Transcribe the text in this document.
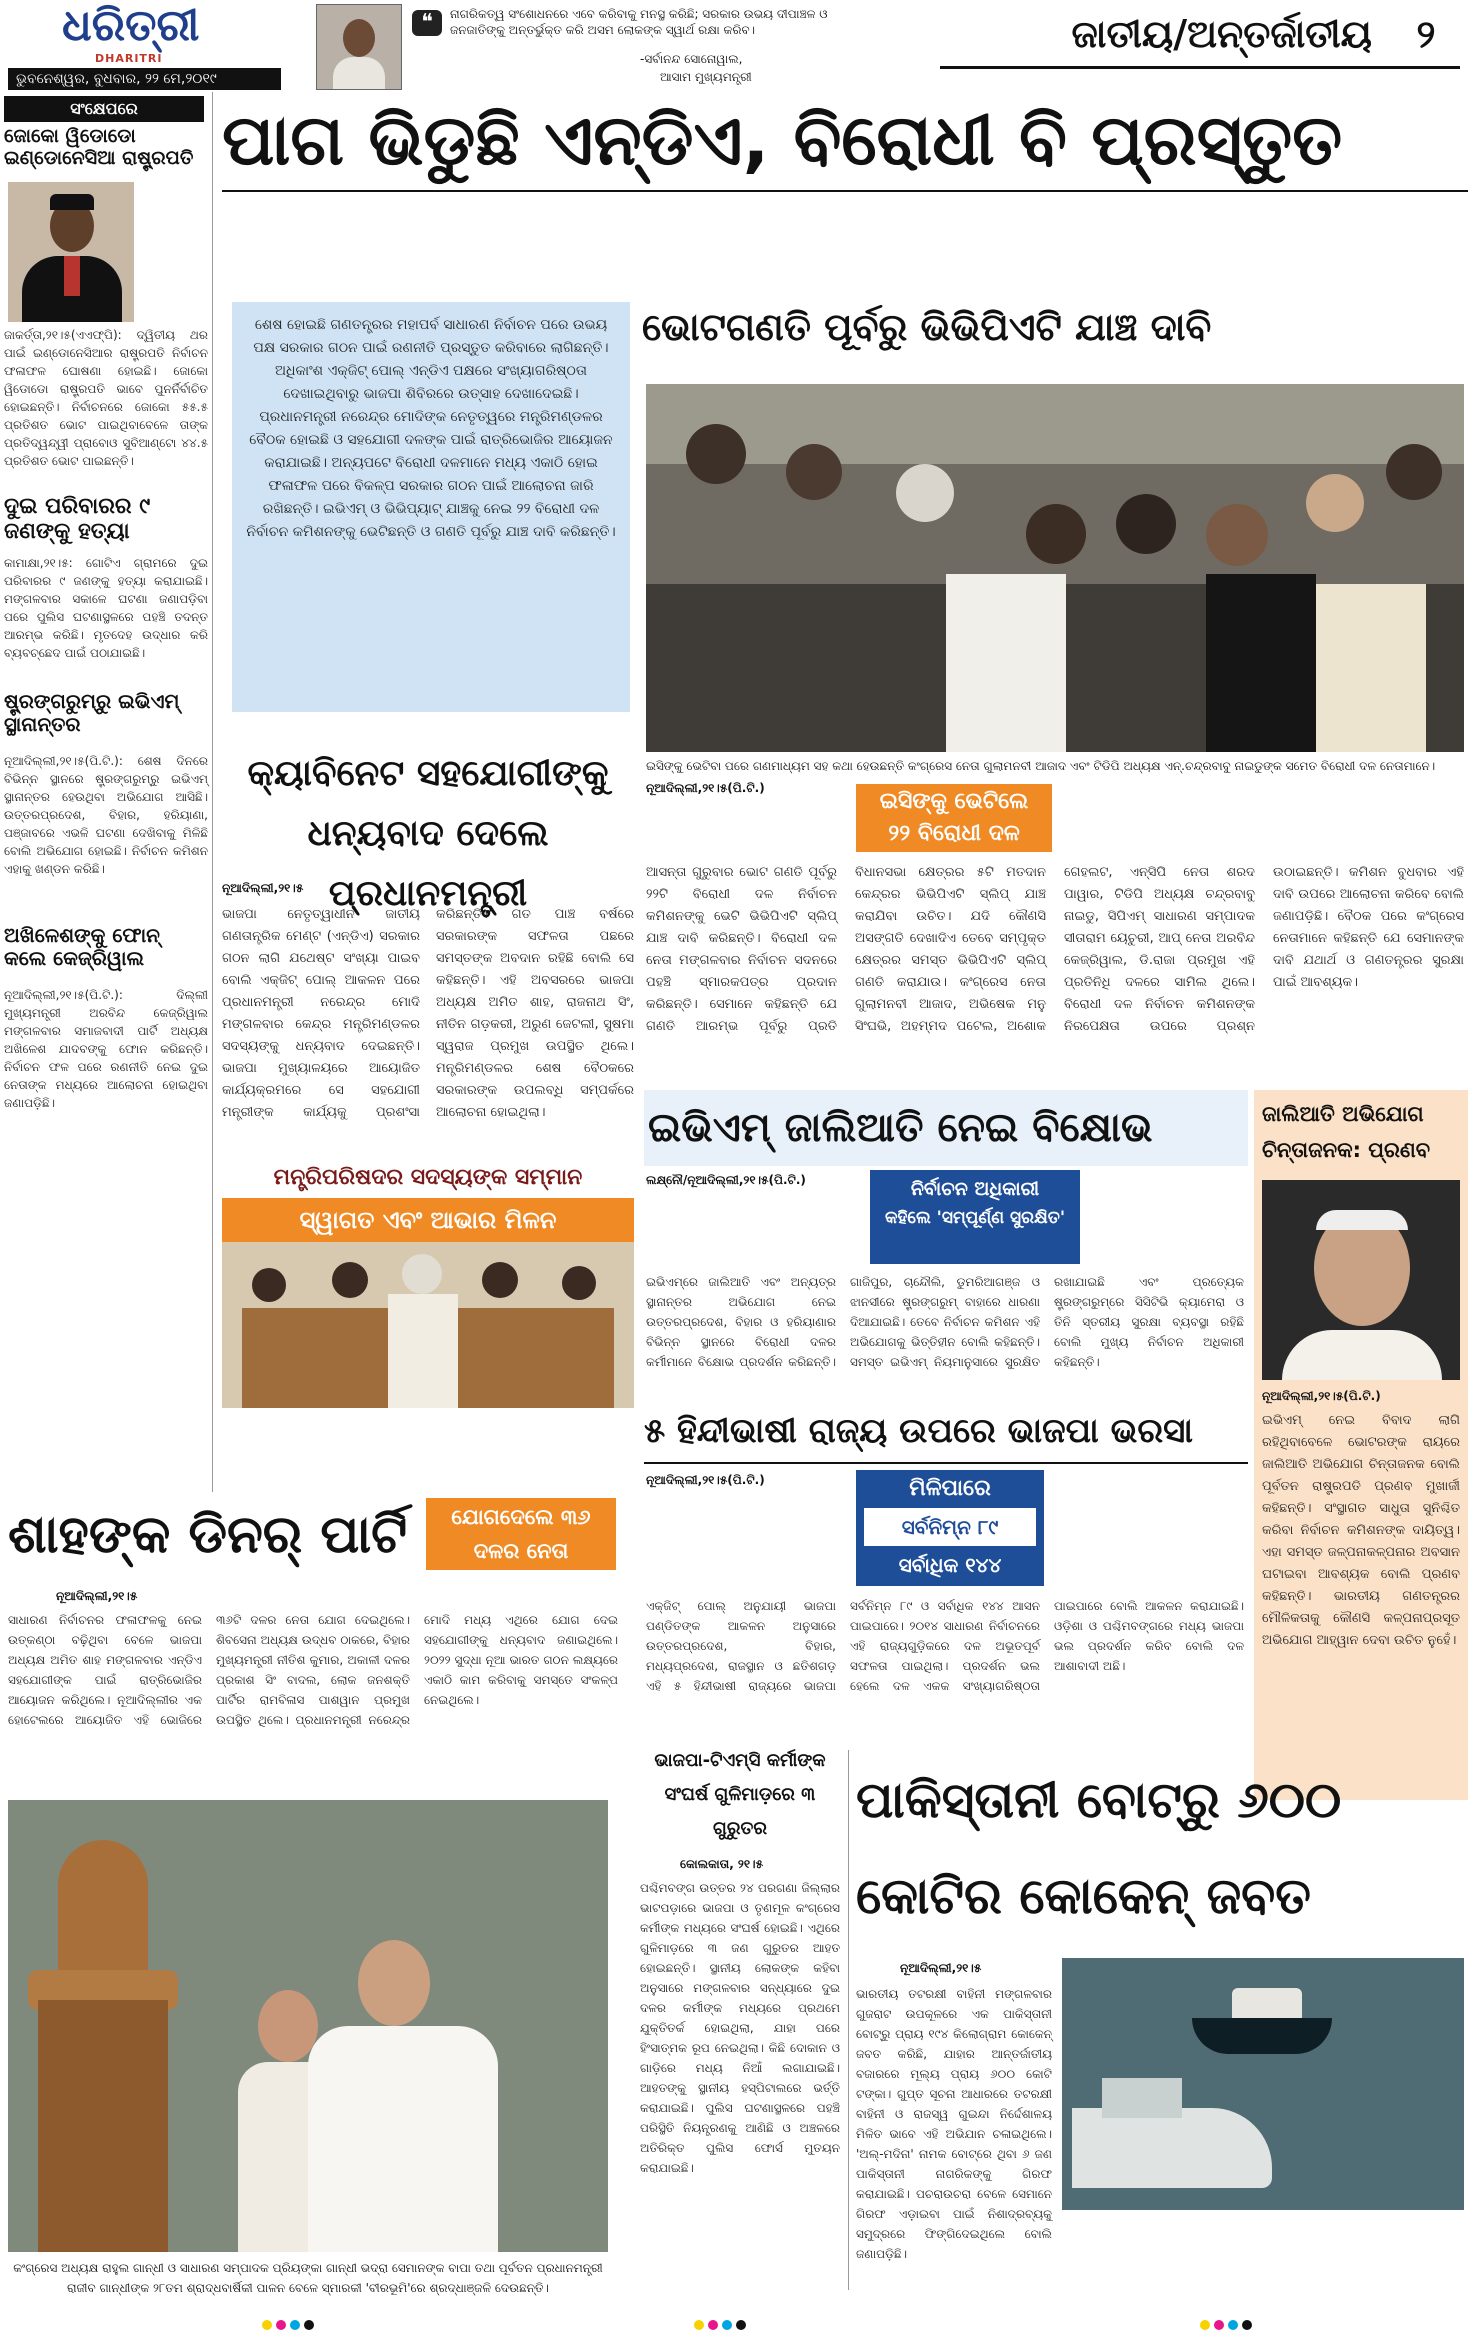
ଧରିତ୍ରୀ
DHARITRI
ଭୁବନେଶ୍ୱର, ବୁଧବାର, ୨୨ ମେ,୨୦୧୯
❝	ନାଗରିକତ୍ୱ ସଂଶୋଧନରେ ଏବେ କରିବାକୁ ମନସ୍ଥ କରିଛି; ସରକାର ଉଭୟ ଦୀପାଞ୍ଚଳ ଓ ଜନଜାତିଙ୍କୁ ଅନ୍ତର୍ଭୁକ୍ତ କରି ଅସମ ଲୋକଙ୍କ ସ୍ୱାର୍ଥ ରକ୍ଷା କରିବ।
-ସର୍ବାନନ୍ଦ ସୋନୋୱାଲ,
ଆସାମ ମୁଖ୍ୟମନ୍ତ୍ରୀ
ଜାତୀୟ/ଅନ୍ତର୍ଜାତୀୟ	୨
ସଂକ୍ଷେପରେ
ଜୋକୋ ୱିଡୋଡୋ ଇଣ୍ଡୋନେସିଆ ରାଷ୍ଟ୍ରପତି
ଜାକର୍ତ୍ତା,୨୧।୫(ଏଏଫ୍ପି): ଦ୍ୱିତୀୟ ଥର ପାଇଁ ଇଣ୍ଡୋନେସିଆର ରାଷ୍ଟ୍ରପତି ନିର୍ବାଚନ ଫଳାଫଳ ଘୋଷଣା ହୋଇଛି। ଜୋକୋ ୱିଡୋଡୋ ରାଷ୍ଟ୍ରପତି ଭାବେ ପୁନର୍ନିର୍ବାଚିତ ହୋଇଛନ୍ତି। ନିର୍ବାଚନରେ ଜୋକୋ ୫୫.୫ ପ୍ରତିଶତ ଭୋଟ ପାଇଥିବାବେଳେ ତାଙ୍କ ପ୍ରତିଦ୍ୱନ୍ଦ୍ୱୀ ପ୍ରାବୋଓ ସୁବିଆଣ୍ଟୋ ୪୪.୫ ପ୍ରତିଶତ ଭୋଟ ପାଇଛନ୍ତି।
ଦୁଇ ପରିବାରର ୯ ଜଣଙ୍କୁ ହତ୍ୟା
କାମାକ୍ଷା,୨୧।୫: ଗୋଟିଏ ଗ୍ରାମରେ ଦୁଇ ପରିବାରର ୯ ଜଣଙ୍କୁ ହତ୍ୟା କରାଯାଇଛି। ମଙ୍ଗଳବାର ସକାଳେ ଘଟଣା ଜଣାପଡ଼ିବା ପରେ ପୁଲିସ ଘଟଣାସ୍ଥଳରେ ପହଞ୍ଚି ତଦନ୍ତ ଆରମ୍ଭ କରିଛି। ମୃତଦେହ ଉଦ୍ଧାର କରି ବ୍ୟବଚ୍ଛେଦ ପାଇଁ ପଠାଯାଇଛି।
ଷ୍ଟ୍ରଙ୍ଗରୁମ୍‌ରୁ ଇଭିଏମ୍‌ ସ୍ଥାନାନ୍ତର
ନୂଆଦିଲ୍ଲୀ,୨୧।୫(ପି.ଟି.): ଶେଷ ଦିନରେ ବିଭିନ୍ନ ସ୍ଥାନରେ ଷ୍ଟ୍ରଙ୍ଗରୁମ୍‌ରୁ ଇଭିଏମ୍‌ ସ୍ଥାନାନ୍ତର ହେଉଥିବା ଅଭିଯୋଗ ଆସିଛି। ଉତ୍ତରପ୍ରଦେଶ, ବିହାର, ହରିୟାଣା, ପଞ୍ଜାବରେ ଏଭଳି ଘଟଣା ଦେଖିବାକୁ ମିଳିଛି ବୋଲି ଅଭିଯୋଗ ହୋଇଛି। ନିର୍ବାଚନ କମିଶନ ଏହାକୁ ଖଣ୍ଡନ କରିଛି।
ଅଖିଳେଶଙ୍କୁ ଫୋନ୍‌ କଲେ କେଜ୍ରିୱାଲ
ନୂଆଦିଲ୍ଲୀ,୨୧।୫(ପି.ଟି.): ଦିଲ୍ଲୀ ମୁଖ୍ୟମନ୍ତ୍ରୀ ଅରବିନ୍ଦ କେଜ୍ରିୱାଲ ମଙ୍ଗଳବାର ସମାଜବାଦୀ ପାର୍ଟି ଅଧ୍ୟକ୍ଷ ଅଖିଳେଶ ଯାଦବଙ୍କୁ ଫୋନ କରିଛନ୍ତି। ନିର୍ବାଚନ ଫଳ ପରେ ରଣନୀତି ନେଇ ଦୁଇ ନେତାଙ୍କ ମଧ୍ୟରେ ଆଲୋଚନା ହୋଇଥିବା ଜଣାପଡ଼ିଛି।
ପାଗ ଭିଡୁଛି ଏନ୍‌ଡିଏ, ବିରୋଧୀ ବି ପ୍ରସ୍ତୁତ
ଶେଷ ହୋଇଛି ଗଣତନ୍ତ୍ରର ମହାପର୍ବ ସାଧାରଣ ନିର୍ବାଚନ ପରେ ଉଭୟ ପକ୍ଷ ସରକାର ଗଠନ ପାଇଁ ରଣନୀତି ପ୍ରସ୍ତୁତ କରିବାରେ ଲାଗିଛନ୍ତି। ଅଧିକାଂଶ ଏକ୍‌ଜିଟ୍‌ ପୋଲ୍‌ ଏନ୍‌ଡିଏ ପକ୍ଷରେ ସଂଖ୍ୟାଗରିଷ୍ଠତା ଦେଖାଇଥିବାରୁ ଭାଜପା ଶିବିରରେ ଉତ୍ସାହ ଦେଖାଦେଇଛି। ପ୍ରଧାନମନ୍ତ୍ରୀ ନରେନ୍ଦ୍ର ମୋଦିଙ୍କ ନେତୃତ୍ୱରେ ମନ୍ତ୍ରିମଣ୍ଡଳର ବୈଠକ ହୋଇଛି ଓ ସହଯୋଗୀ ଦଳଙ୍କ ପାଇଁ ରାତ୍ରିଭୋଜିର ଆୟୋଜନ କରାଯାଇଛି। ଅନ୍ୟପଟେ ବିରୋଧୀ ଦଳମାନେ ମଧ୍ୟ ଏକାଠି ହୋଇ ଫଳାଫଳ ପରେ ବିକଳ୍ପ ସରକାର ଗଠନ ପାଇଁ ଆଲୋଚନା ଜାରି ରଖିଛନ୍ତି। ଇଭିଏମ୍‌ ଓ ଭିଭିପ୍ୟାଟ୍‌ ଯାଞ୍ଚକୁ ନେଇ ୨୨ ବିରୋଧୀ ଦଳ ନିର୍ବାଚନ କମିଶନଙ୍କୁ ଭେଟିଛନ୍ତି ଓ ଗଣତି ପୂର୍ବରୁ ଯାଞ୍ଚ ଦାବି କରିଛନ୍ତି।
ଭୋଟଗଣତି ପୂର୍ବରୁ ଭିଭିପିଏଟି ଯାଞ୍ଚ ଦାବି
ଇସିଙ୍କୁ ଭେଟିବା ପରେ ଗଣମାଧ୍ୟମ ସହ କଥା ହେଉଛନ୍ତି କଂଗ୍ରେସ ନେତା ଗୁଲାମନବୀ ଆଜାଦ ଏବଂ ଟିଡିପି ଅଧ୍ୟକ୍ଷ ଏନ୍‌.ଚନ୍ଦ୍ରବାବୁ ନାଇଡୁଙ୍କ ସମେତ ବିରୋଧୀ ଦଳ ନେତାମାନେ।
ନୂଆଦିଲ୍ଲୀ,୨୧।୫(ପି.ଟି.)
ଇସିଙ୍କୁ ଭେଟିଲେ
୨୨ ବିରୋଧୀ ଦଳ
ଆସନ୍ତା ଗୁରୁବାର ଭୋଟ ଗଣତି ପୂର୍ବରୁ ୨୨ଟି ବିରୋଧୀ ଦଳ ନିର୍ବାଚନ କମିଶନଙ୍କୁ ଭେଟି ଭିଭିପିଏଟି ସ୍ଲିପ୍‌ ଯାଞ୍ଚ ଦାବି କରିଛନ୍ତି। ବିରୋଧୀ ଦଳ ନେତା ମଙ୍ଗଳବାର ନିର୍ବାଚନ ସଦନରେ ପହଞ୍ଚି ସ୍ମାରକପତ୍ର ପ୍ରଦାନ କରିଛନ୍ତି। ସେମାନେ କହିଛନ୍ତି ଯେ ଗଣତି ଆରମ୍ଭ ପୂର୍ବରୁ ପ୍ରତି ବିଧାନସଭା କ୍ଷେତ୍ରର ୫ଟି ମତଦାନ କେନ୍ଦ୍ରର ଭିଭିପିଏଟି ସ୍ଲିପ୍‌ ଯାଞ୍ଚ କରାଯିବା ଉଚିତ। ଯଦି କୌଣସି ଅସଙ୍ଗତି ଦେଖାଦିଏ ତେବେ ସମ୍ପୃକ୍ତ କ୍ଷେତ୍ରର ସମସ୍ତ ଭିଭିପିଏଟି ସ୍ଲିପ୍‌ ଗଣତି କରାଯାଉ। କଂଗ୍ରେସ ନେତା ଗୁଲାମନବୀ ଆଜାଦ, ଅଭିଷେକ ମନୁ ସିଂଘଭି, ଅହମ୍ମଦ ପଟେଲ, ଅଶୋକ ଗେହଲଟ, ଏନ୍‌ସିପି ନେତା ଶରଦ ପାୱାର, ଟିଡିପି ଅଧ୍ୟକ୍ଷ ଚନ୍ଦ୍ରବାବୁ ନାଇଡୁ, ସିପିଏମ୍‌ ସାଧାରଣ ସମ୍ପାଦକ ସୀତାରାମ ୟେଚୁରୀ, ଆପ୍‌ ନେତା ଅରବିନ୍ଦ କେଜ୍ରିୱାଲ, ଡି.ରାଜା ପ୍ରମୁଖ ଏହି ପ୍ରତିନିଧି ଦଳରେ ସାମିଲ ଥିଲେ। ବିରୋଧୀ ଦଳ ନିର୍ବାଚନ କମିଶନଙ୍କ ନିରପେକ୍ଷତା ଉପରେ ପ୍ରଶ୍ନ ଉଠାଇଛନ୍ତି। କମିଶନ ବୁଧବାର ଏହି ଦାବି ଉପରେ ଆଲୋଚନା କରିବେ ବୋଲି ଜଣାପଡ଼ିଛି। ବୈଠକ ପରେ କଂଗ୍ରେସ ନେତାମାନେ କହିଛନ୍ତି ଯେ ସେମାନଙ୍କ ଦାବି ଯଥାର୍ଥ ଓ ଗଣତନ୍ତ୍ରର ସୁରକ୍ଷା ପାଇଁ ଆବଶ୍ୟକ।
କ୍ୟାବିନେଟ ସହଯୋଗୀଙ୍କୁ ଧନ୍ୟବାଦ ଦେଲେ ପ୍ରଧାନମନ୍ତ୍ରୀ
ନୂଆଦିଲ୍ଲୀ,୨୧।୫
ଭାଜପା ନେତୃତ୍ୱାଧୀନ ଜାତୀୟ ଗଣତାନ୍ତ୍ରିକ ମେଣ୍ଟ (ଏନ୍‌ଡିଏ) ସରକାର ଗଠନ ଲାଗି ଯଥେଷ୍ଟ ସଂଖ୍ୟା ପାଇବ ବୋଲି ଏକ୍‌ଜିଟ୍‌ ପୋଲ୍‌ ଆକଳନ ପରେ ପ୍ରଧାନମନ୍ତ୍ରୀ ନରେନ୍ଦ୍ର ମୋଦି ମଙ୍ଗଳବାର କେନ୍ଦ୍ର ମନ୍ତ୍ରିମଣ୍ଡଳର ସଦସ୍ୟଙ୍କୁ ଧନ୍ୟବାଦ ଦେଇଛନ୍ତି। ଭାଜପା ମୁଖ୍ୟାଳୟରେ ଆୟୋଜିତ କାର୍ଯ୍ୟକ୍ରମରେ ସେ ସହଯୋଗୀ ମନ୍ତ୍ରୀଙ୍କ କାର୍ଯ୍ୟକୁ ପ୍ରଶଂସା କରିଛନ୍ତି। ଗତ ପାଞ୍ଚ ବର୍ଷରେ ସରକାରଙ୍କ ସଫଳତା ପଛରେ ସମସ୍ତଙ୍କ ଅବଦାନ ରହିଛି ବୋଲି ସେ କହିଛନ୍ତି। ଏହି ଅବସରରେ ଭାଜପା ଅଧ୍ୟକ୍ଷ ଅମିତ ଶାହ, ରାଜନାଥ ସିଂ, ନୀତିନ ଗଡ଼କରୀ, ଅରୁଣ ଜେଟଲୀ, ସୁଷମା ସ୍ୱରାଜ ପ୍ରମୁଖ ଉପସ୍ଥିତ ଥିଲେ। ମନ୍ତ୍ରିମଣ୍ଡଳର ଶେଷ ବୈଠକରେ ସରକାରଙ୍କ ଉପଲବ୍ଧି ସମ୍ପର୍କରେ ଆଲୋଚନା ହୋଇଥିଲା।
ମନ୍ତ୍ରିପରିଷଦର ସଦସ୍ୟଙ୍କ ସମ୍ମାନ
ସ୍ୱାଗତ ଏବଂ ଆଭାର ମିଳନ
ଇଭିଏମ୍‌ ଜାଲିଆତି ନେଇ ବିକ୍ଷୋଭ
ଲକ୍ଷ୍ନୌ/ନୂଆଦିଲ୍ଲୀ,୨୧।୫(ପି.ଟି.)	ନିର୍ବାଚନ ଅଧିକାରୀ
କହିଲେ 'ସମ୍ପୂର୍ଣ୍ଣ ସୁରକ୍ଷିତ'
ଇଭିଏମ୍‌ରେ ଜାଲିଆତି ଏବଂ ଅନ୍ୟତ୍ର ସ୍ଥାନାନ୍ତର ଅଭିଯୋଗ ନେଇ ଉତ୍ତରପ୍ରଦେଶ, ବିହାର ଓ ହରିୟାଣାର ବିଭିନ୍ନ ସ୍ଥାନରେ ବିରୋଧୀ ଦଳର କର୍ମୀମାନେ ବିକ୍ଷୋଭ ପ୍ରଦର୍ଶନ କରିଛନ୍ତି। ଗାଜିପୁର, ଚାନ୍ଦୌଲି, ଡୁମରିଆଗଞ୍ଜ ଓ ଝାନସୀରେ ଷ୍ଟ୍ରଙ୍ଗରୁମ୍‌ ବାହାରେ ଧାରଣା ଦିଆଯାଇଛି। ତେବେ ନିର୍ବାଚନ କମିଶନ ଏହି ଅଭିଯୋଗକୁ ଭିତ୍ତିହୀନ ବୋଲି କହିଛନ୍ତି। ସମସ୍ତ ଇଭିଏମ୍‌ ନିୟମାନୁସାରେ ସୁରକ୍ଷିତ ରଖାଯାଇଛି ଏବଂ ପ୍ରତ୍ୟେକ ଷ୍ଟ୍ରଙ୍ଗରୁମ୍‌ରେ ସିସିଟିଭି କ୍ୟାମେରା ଓ ତିନି ସ୍ତରୀୟ ସୁରକ୍ଷା ବ୍ୟବସ୍ଥା ରହିଛି ବୋଲି ମୁଖ୍ୟ ନିର୍ବାଚନ ଅଧିକାରୀ କହିଛନ୍ତି।
ଜାଲିଆତି ଅଭିଯୋଗ ଚିନ୍ତାଜନକ: ପ୍ରଣବ
ନୂଆଦିଲ୍ଲୀ,୨୧।୫(ପି.ଟି.)
ଇଭିଏମ୍‌ ନେଇ ବିବାଦ ଲାଗି ରହିଥିବାବେଳେ ଭୋଟରଙ୍କ ରାୟରେ ଜାଲିଆତି ଅଭିଯୋଗ ଚିନ୍ତାଜନକ ବୋଲି ପୂର୍ବତନ ରାଷ୍ଟ୍ରପତି ପ୍ରଣବ ମୁଖାର୍ଜୀ କହିଛନ୍ତି। ସଂସ୍ଥାଗତ ସାଧୁତା ସୁନିଶ୍ଚିତ କରିବା ନିର୍ବାଚନ କମିଶନଙ୍କ ଦାୟିତ୍ୱ। ଏହା ସମସ୍ତ ଜଳ୍ପନାକଳ୍ପନାର ଅବସାନ ଘଟାଇବା ଆବଶ୍ୟକ ବୋଲି ପ୍ରଣବ କହିଛନ୍ତି। ଭାରତୀୟ ଗଣତନ୍ତ୍ରର ମୌଳିକତାକୁ କୌଣସି କଳ୍ପନାପ୍ରସୂତ ଅଭିଯୋଗ ଆହ୍ୱାନ ଦେବା ଉଚିତ ନୁହେଁ।
୫ ହିନ୍ଦୀଭାଷୀ ରାଜ୍ୟ ଉପରେ ଭାଜପା ଭରସା
ନୂଆଦିଲ୍ଲୀ,୨୧।୫(ପି.ଟି.)	ମିଳିପାରେ
ସର୍ବନିମ୍ନ ୮୯
ସର୍ବାଧିକ ୧୪୪
ଏକ୍‌ଜିଟ୍‌ ପୋଲ୍‌ ଅନୁଯାୟୀ ଭାଜପା ପଣ୍ଡିତଙ୍କ ଆକଳନ ଅନୁସାରେ ଉତ୍ତରପ୍ରଦେଶ, ବିହାର, ମଧ୍ୟପ୍ରଦେଶ, ରାଜସ୍ଥାନ ଓ ଛତିଶଗଡ଼ ଏହି ୫ ହିନ୍ଦୀଭାଷୀ ରାଜ୍ୟରେ ଭାଜପା ସର୍ବନିମ୍ନ ୮୯ ଓ ସର୍ବାଧିକ ୧୪୪ ଆସନ ପାଇପାରେ। ୨୦୧୪ ସାଧାରଣ ନିର୍ବାଚନରେ ଏହି ରାଜ୍ୟଗୁଡ଼ିକରେ ଦଳ ଅଭୂତପୂର୍ବ ସଫଳତା ପାଇଥିଲା। ପ୍ରଦର୍ଶନ ଭଲ ହେଲେ ଦଳ ଏକକ ସଂଖ୍ୟାଗରିଷ୍ଠତା ପାଇପାରେ ବୋଲି ଆକଳନ କରାଯାଇଛି। ଓଡ଼ିଶା ଓ ପଶ୍ଚିମବଙ୍ଗରେ ମଧ୍ୟ ଭାଜପା ଭଲ ପ୍ରଦର୍ଶନ କରିବ ବୋଲି ଦଳ ଆଶାବାଦୀ ଅଛି।
ଶାହଙ୍କ ଡିନର୍‌ ପାର୍ଟି	ଯୋଗଦେଲେ ୩୬
ଦଳର ନେତା
ନୂଆଦିଲ୍ଲୀ,୨୧।୫
ସାଧାରଣ ନିର୍ବାଚନର ଫଳାଫଳକୁ ନେଇ ଉତ୍କଣ୍ଠା ବଢ଼ିଥିବା ବେଳେ ଭାଜପା ଅଧ୍ୟକ୍ଷ ଅମିତ ଶାହ ମଙ୍ଗଳବାର ଏନ୍‌ଡିଏ ସହଯୋଗୀଙ୍କ ପାଇଁ ରାତ୍ରିଭୋଜିର ଆୟୋଜନ କରିଥିଲେ। ନୂଆଦିଲ୍ଲୀର ଏକ ହୋଟେଲରେ ଆୟୋଜିତ ଏହି ଭୋଜିରେ ୩୬ଟି ଦଳର ନେତା ଯୋଗ ଦେଇଥିଲେ। ଶିବସେନା ଅଧ୍ୟକ୍ଷ ଉଦ୍ଧବ ଠାକରେ, ବିହାର ମୁଖ୍ୟମନ୍ତ୍ରୀ ନୀତିଶ କୁମାର, ଅକାଳୀ ଦଳର ପ୍ରକାଶ ସିଂ ବାଦଲ, ଲୋକ ଜନଶକ୍ତି ପାର୍ଟିର ରାମବିଳାସ ପାଶୱାନ ପ୍ରମୁଖ ଉପସ୍ଥିତ ଥିଲେ। ପ୍ରଧାନମନ୍ତ୍ରୀ ନରେନ୍ଦ୍ର ମୋଦି ମଧ୍ୟ ଏଥିରେ ଯୋଗ ଦେଇ ସହଯୋଗୀଙ୍କୁ ଧନ୍ୟବାଦ ଜଣାଇଥିଲେ। ୨୦୨୨ ସୁଦ୍ଧା ନୂଆ ଭାରତ ଗଠନ ଲକ୍ଷ୍ୟରେ ଏକାଠି କାମ କରିବାକୁ ସମସ୍ତେ ସଂକଳ୍ପ ନେଇଥିଲେ।
କଂଗ୍ରେସ ଅଧ୍ୟକ୍ଷ ରାହୁଲ ଗାନ୍ଧୀ ଓ ସାଧାରଣ ସମ୍ପାଦକ ପ୍ରିୟଙ୍କା ଗାନ୍ଧୀ ଭଦ୍ରା ସେମାନଙ୍କ ବାପା ତଥା ପୂର୍ବତନ ପ୍ରଧାନମନ୍ତ୍ରୀ ରାଜୀବ ଗାନ୍ଧୀଙ୍କ ୨୮ତମ ଶ୍ରାଦ୍ଧବାର୍ଷିକୀ ପାଳନ ବେଳେ ସ୍ମାରକୀ 'ବୀରଭୂମି'ରେ ଶ୍ରଦ୍ଧାଞ୍ଜଳି ଦେଉଛନ୍ତି।
ଭାଜପା-ଟିଏମ୍‌ସି କର୍ମୀଙ୍କ ସଂଘର୍ଷ ଗୁଳିମାଡ଼ରେ ୩ ଗୁରୁତର
କୋଲକାତା, ୨୧।୫
ପଶ୍ଚିମବଙ୍ଗ ଉତ୍ତର ୨୪ ପରଗଣା ଜିଲ୍ଲାର ଭାଟପଡ଼ାରେ ଭାଜପା ଓ ତୃଣମୂଳ କଂଗ୍ରେସ କର୍ମୀଙ୍କ ମଧ୍ୟରେ ସଂଘର୍ଷ ହୋଇଛି। ଏଥିରେ ଗୁଳିମାଡ଼ରେ ୩ ଜଣ ଗୁରୁତର ଆହତ ହୋଇଛନ୍ତି। ସ୍ଥାନୀୟ ଲୋକଙ୍କ କହିବା ଅନୁସାରେ ମଙ୍ଗଳବାର ସନ୍ଧ୍ୟାରେ ଦୁଇ ଦଳର କର୍ମୀଙ୍କ ମଧ୍ୟରେ ପ୍ରଥମେ ଯୁକ୍ତିତର୍କ ହୋଇଥିଲା, ଯାହା ପରେ ହିଂସାତ୍ମକ ରୂପ ନେଇଥିଲା। କିଛି ଦୋକାନ ଓ ଗାଡ଼ିରେ ମଧ୍ୟ ନିଆଁ ଲଗାଯାଇଛି। ଆହତଙ୍କୁ ସ୍ଥାନୀୟ ହସ୍ପିଟାଲରେ ଭର୍ତ୍ତି କରାଯାଇଛି। ପୁଲିସ ଘଟଣାସ୍ଥଳରେ ପହଞ୍ଚି ପରିସ୍ଥିତି ନିୟନ୍ତ୍ରଣକୁ ଆଣିଛି ଓ ଅଞ୍ଚଳରେ ଅତିରିକ୍ତ ପୁଲିସ ଫୋର୍ସ ମୁତୟନ କରାଯାଇଛି।
ପାକିସ୍ତାନୀ ବୋଟ୍‌ରୁ ୬୦୦ କୋଟିର କୋକେନ୍‌ ଜବତ
ନୂଆଦିଲ୍ଲୀ,୨୧।୫
ଭାରତୀୟ ତଟରକ୍ଷୀ ବାହିନୀ ମଙ୍ଗଳବାର ଗୁଜରାଟ ଉପକୂଳରେ ଏକ ପାକିସ୍ତାନୀ ବୋଟ୍‌ରୁ ପ୍ରାୟ ୧୯୪ କିଲୋଗ୍ରାମ କୋକେନ୍‌ ଜବତ କରିଛି, ଯାହାର ଆନ୍ତର୍ଜାତୀୟ ବଜାରରେ ମୂଲ୍ୟ ପ୍ରାୟ ୬୦୦ କୋଟି ଟଙ୍କା। ଗୁପ୍ତ ସୂଚନା ଆଧାରରେ ତଟରକ୍ଷୀ ବାହିନୀ ଓ ରାଜସ୍ୱ ଗୁଇନ୍ଦା ନିର୍ଦ୍ଦେଶାଳୟ ମିଳିତ ଭାବେ ଏହି ଅଭିଯାନ ଚଳାଇଥିଲେ। 'ଅଲ୍‌-ମଦିନା' ନାମକ ବୋଟ୍‌ରେ ଥିବା ୬ ଜଣ ପାକିସ୍ତାନୀ ନାଗରିକଙ୍କୁ ଗିରଫ କରାଯାଇଛି। ପଚରାଉଚରା ବେଳେ ସେମାନେ ଗିରଫ ଏଡ଼ାଇବା ପାଇଁ ନିଶାଦ୍ରବ୍ୟକୁ ସମୁଦ୍ରରେ ଫିଙ୍ଗିଦେଇଥିଲେ ବୋଲି ଜଣାପଡ଼ିଛି।
